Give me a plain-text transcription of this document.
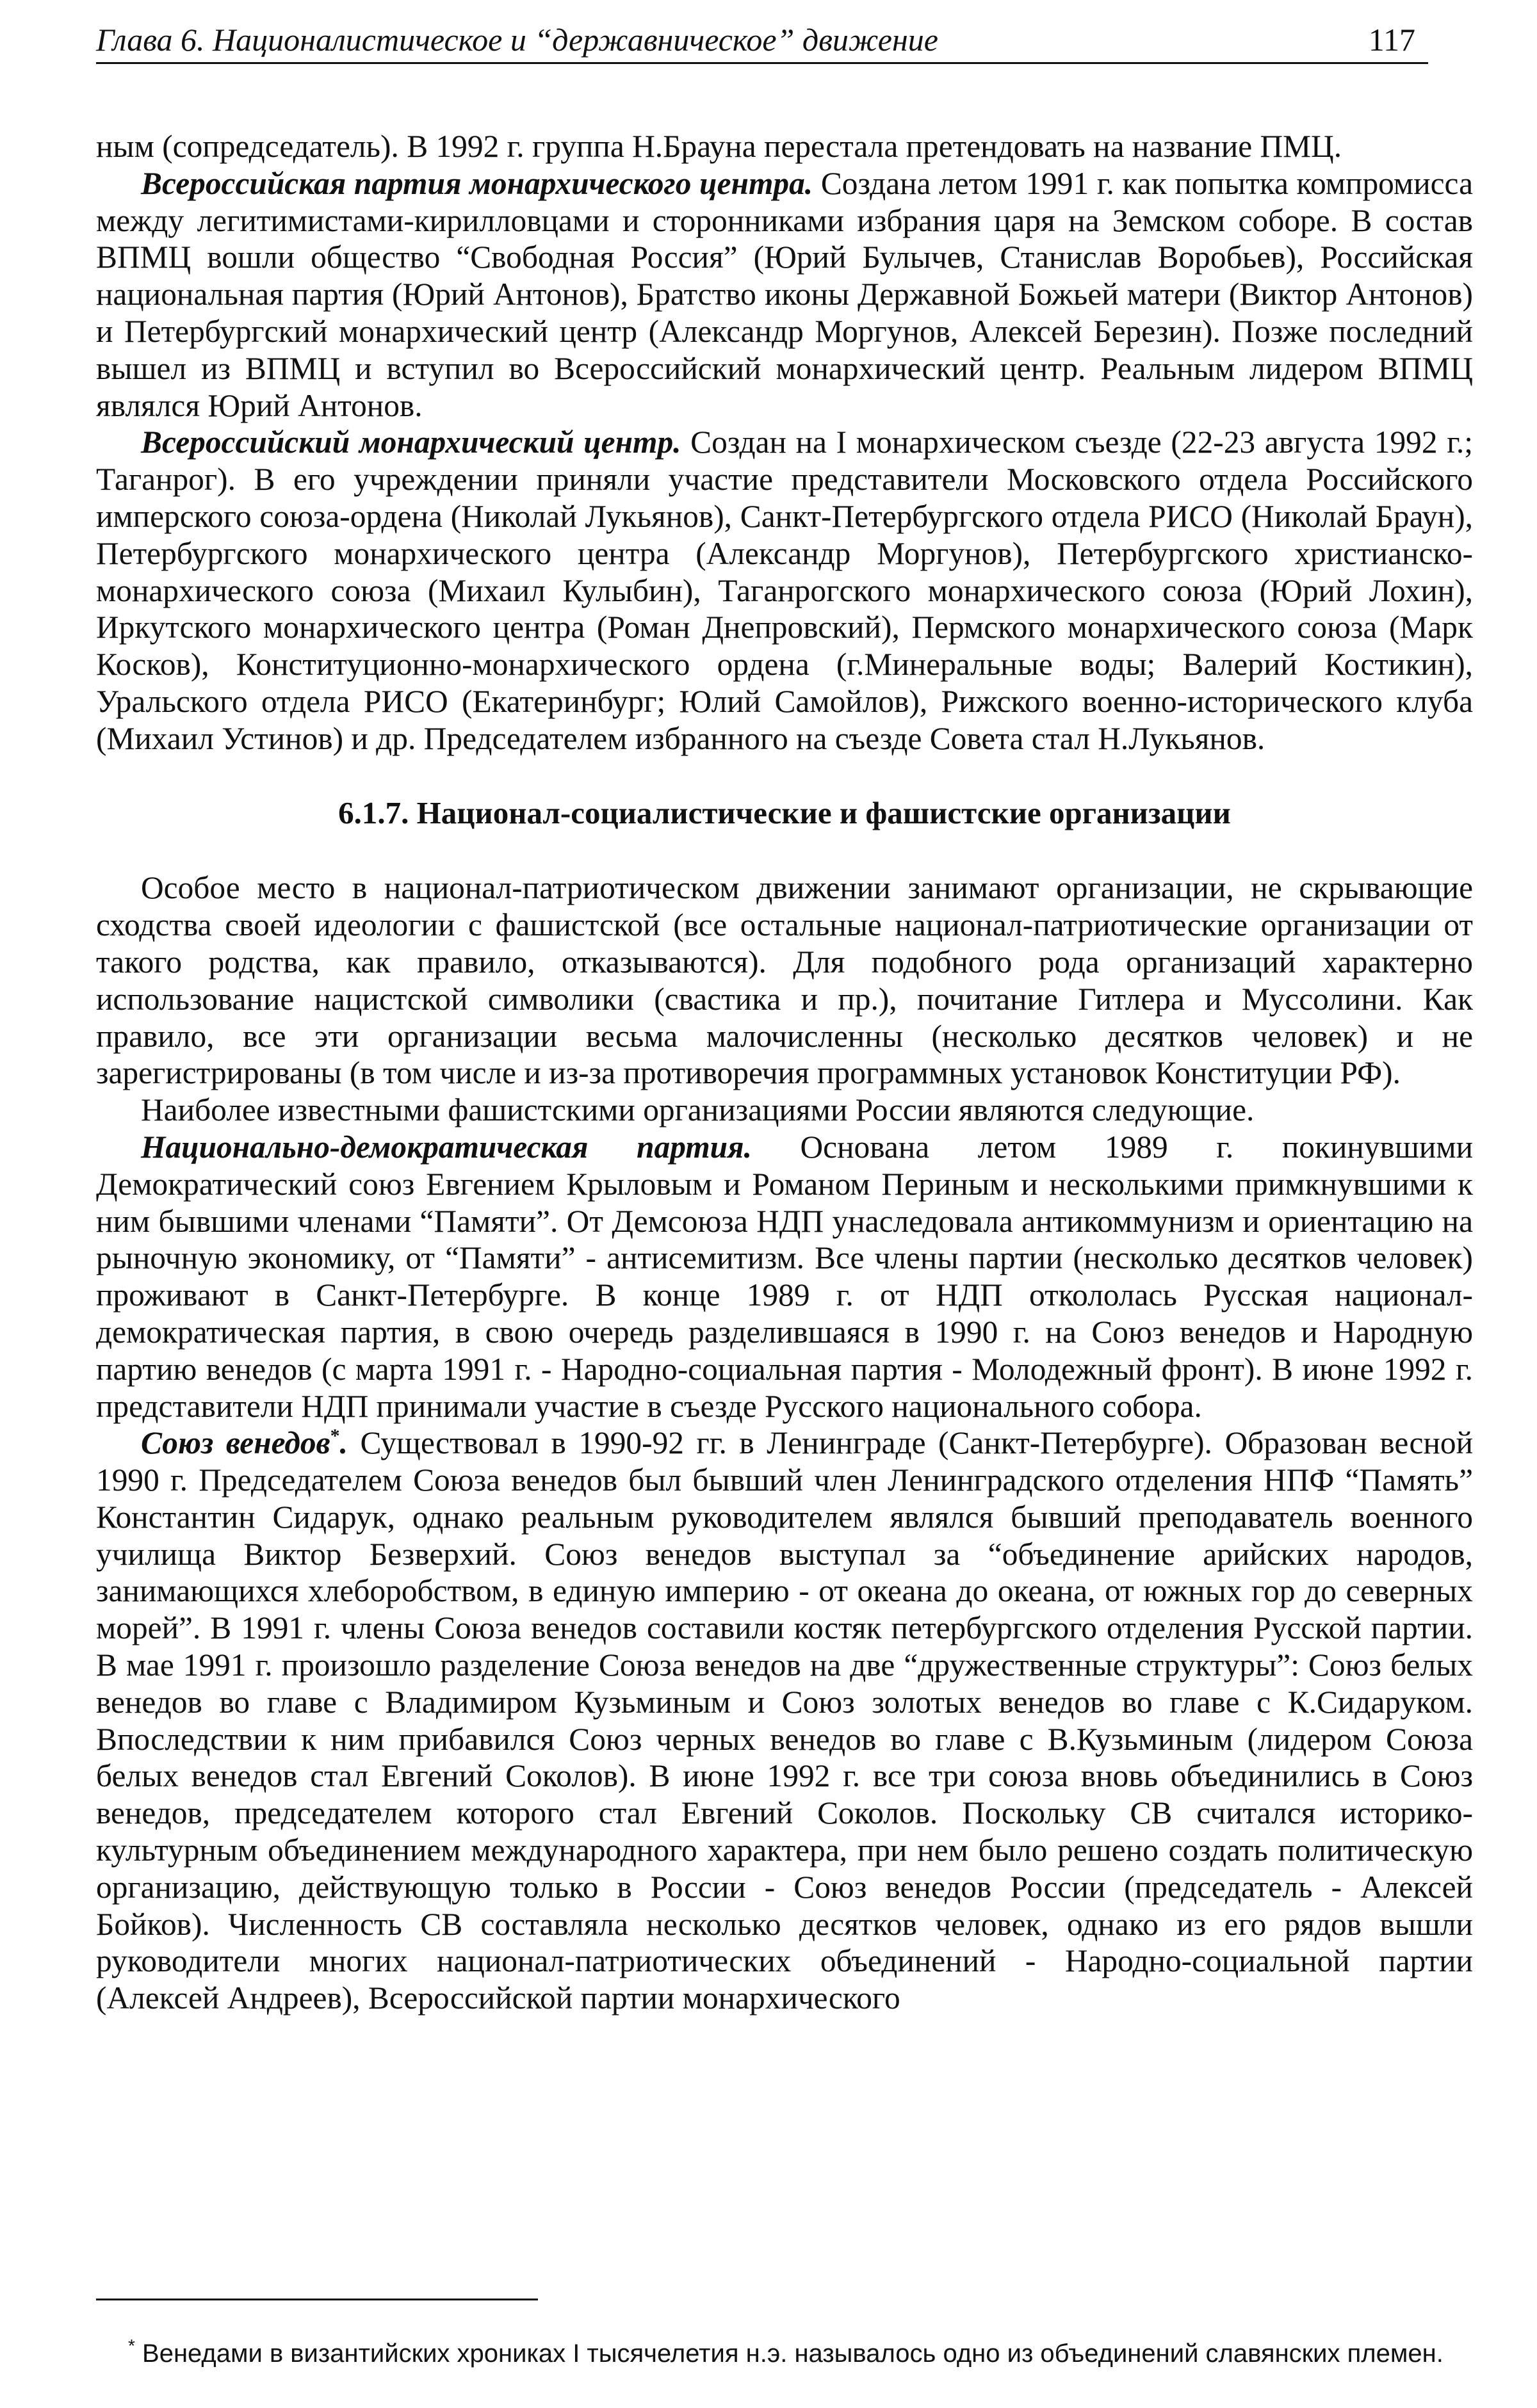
Глава 6. Националистическое и “державническое” движение	117

ным (сопредседатель). В 1992 г. группа Н.Брауна перестала претендовать на название ПМЦ.

Всероссийская партия монархического центра. Создана летом 1991 г. как попытка компромисса между легитимистами-кирилловцами и сторонниками избрания царя на Земском соборе. В состав ВПМЦ вошли общество “Свободная Россия” (Юрий Булычев, Станислав Воробьев), Российская национальная партия (Юрий Антонов), Братство иконы Державной Божьей матери (Виктор Антонов) и Петербургский монархический центр (Александр Моргунов, Алексей Березин). Позже последний вышел из ВПМЦ и вступил во Всероссийский монархический центр. Реальным лидером ВПМЦ являлся Юрий Антонов.

Всероссийский монархический центр. Создан на I монархическом съезде (22-23 августа 1992 г.; Таганрог). В его учреждении приняли участие представители Московского отдела Российского имперского союза-ордена (Николай Лукьянов), Санкт-Петербургского отдела РИСО (Николай Браун), Петербургского монархического центра (Александр Моргунов), Петербургского христианско-монархического союза (Михаил Кулыбин), Таганрогского монархического союза (Юрий Лохин), Иркутского монархического центра (Роман Днепровский), Пермского монархического союза (Марк Косков), Конституционно-монархического ордена (г.Минеральные воды; Валерий Костикин), Уральского отдела РИСО (Екатеринбург; Юлий Самойлов), Рижского военно-исторического клуба (Михаил Устинов) и др. Председателем избранного на съезде Совета стал Н.Лукьянов.

6.1.7. Национал-социалистические и фашистские организации

Особое место в национал-патриотическом движении занимают организации, не скрывающие сходства своей идеологии с фашистской (все остальные национал-патриотические организации от такого родства, как правило, отказываются). Для подобного рода организаций характерно использование нацистской символики (свастика и пр.), почитание Гитлера и Муссолини. Как правило, все эти организации весьма малочисленны (несколько десятков человек) и не зарегистрированы (в том числе и из-за противоречия программных установок Конституции РФ).

Наиболее известными фашистскими организациями России являются следующие.

Национально-демократическая партия. Основана летом 1989 г. покинувшими Демократический союз Евгением Крыловым и Романом Периным и несколькими примкнувшими к ним бывшими членами “Памяти”. От Демсоюза НДП унаследовала антикоммунизм и ориентацию на рыночную экономику, от “Памяти” - антисемитизм. Все члены партии (несколько десятков человек) проживают в Санкт-Петербурге. В конце 1989 г. от НДП откололась Русская национал-демократическая партия, в свою очередь разделившаяся в 1990 г. на Союз венедов и Народную партию венедов (с марта 1991 г. - Народно-социальная партия - Молодежный фронт). В июне 1992 г. представители НДП принимали участие в съезде Русского национального собора.

Союз венедов*. Существовал в 1990-92 гг. в Ленинграде (Санкт-Петербурге). Образован весной 1990 г. Председателем Союза венедов был бывший член Ленинградского отделения НПФ “Память” Константин Сидарук, однако реальным руководителем являлся бывший преподаватель военного училища Виктор Безверхий. Союз венедов выступал за “объединение арийских народов, занимающихся хлеборобством, в единую империю - от океана до океана, от южных гор до северных морей”. В 1991 г. члены Союза венедов составили костяк петербургского отделения Русской партии. В мае 1991 г. произошло разделение Союза венедов на две “дружественные структуры”: Союз белых венедов во главе с Владимиром Кузьминым и Союз золотых венедов во главе с К.Сидаруком. Впоследствии к ним прибавился Союз черных венедов во главе с В.Кузьминым (лидером Союза белых венедов стал Евгений Соколов). В июне 1992 г. все три союза вновь объединились в Союз венедов, председателем которого стал Евгений Соколов. Поскольку СВ считался историко-культурным объединением международного характера, при нем было решено создать политическую организацию, действующую только в России - Союз венедов России (председатель - Алексей Бойков). Численность СВ составляла несколько десятков человек, однако из его рядов вышли руководители многих национал-патриотических объединений - Народно-социальной партии (Алексей Андреев), Всероссийской партии монархического

* Венедами в византийских хрониках I тысячелетия н.э. называлось одно из объединений славянских племен.
